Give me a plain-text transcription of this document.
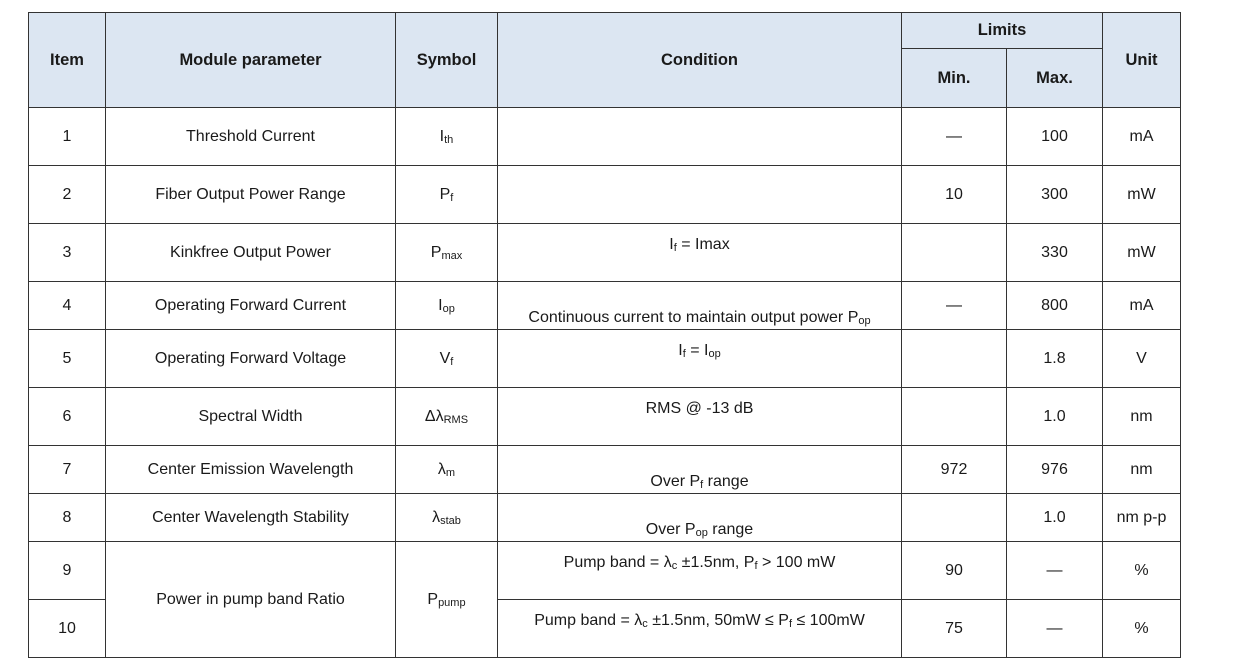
Item	Module parameter	Symbol	Condition	Limits		Unit
				Min.	Max.	
1	Threshold Current	$I_{th}$		—	100	mA
2	Fiber Output Power Range	$P_f$		10	300	mW
3	Kinkfree Output Power	$P_{max}$	$I_f = Imax$		330	mW
4	Operating Forward Current	$I_{op}$	Continuous current to maintain output power $P_{op}$	—	800	mA
5	Operating Forward Voltage	$V_f$	$I_f = I_{op}$		1.8	V
6	Spectral Width	$\Delta\lambda_{RMS}$	RMS @ -13 dB		1.0	nm
7	Center Emission Wavelength	$\lambda_m$	Over $P_f$ range	972	976	nm
8	Center Wavelength Stability	$\lambda_{stab}$	Over $P_{op}$ range		1.0	nm p-p
9	Power in pump band Ratio	$P_{pump}$	Pump band = $\lambda_c \pm 1.5nm$, $P_f > 100$ mW	90	—	%
10			Pump band = $\lambda_c \pm 1.5nm$, $50mW \le P_f \le 100mW$	75	—	%
